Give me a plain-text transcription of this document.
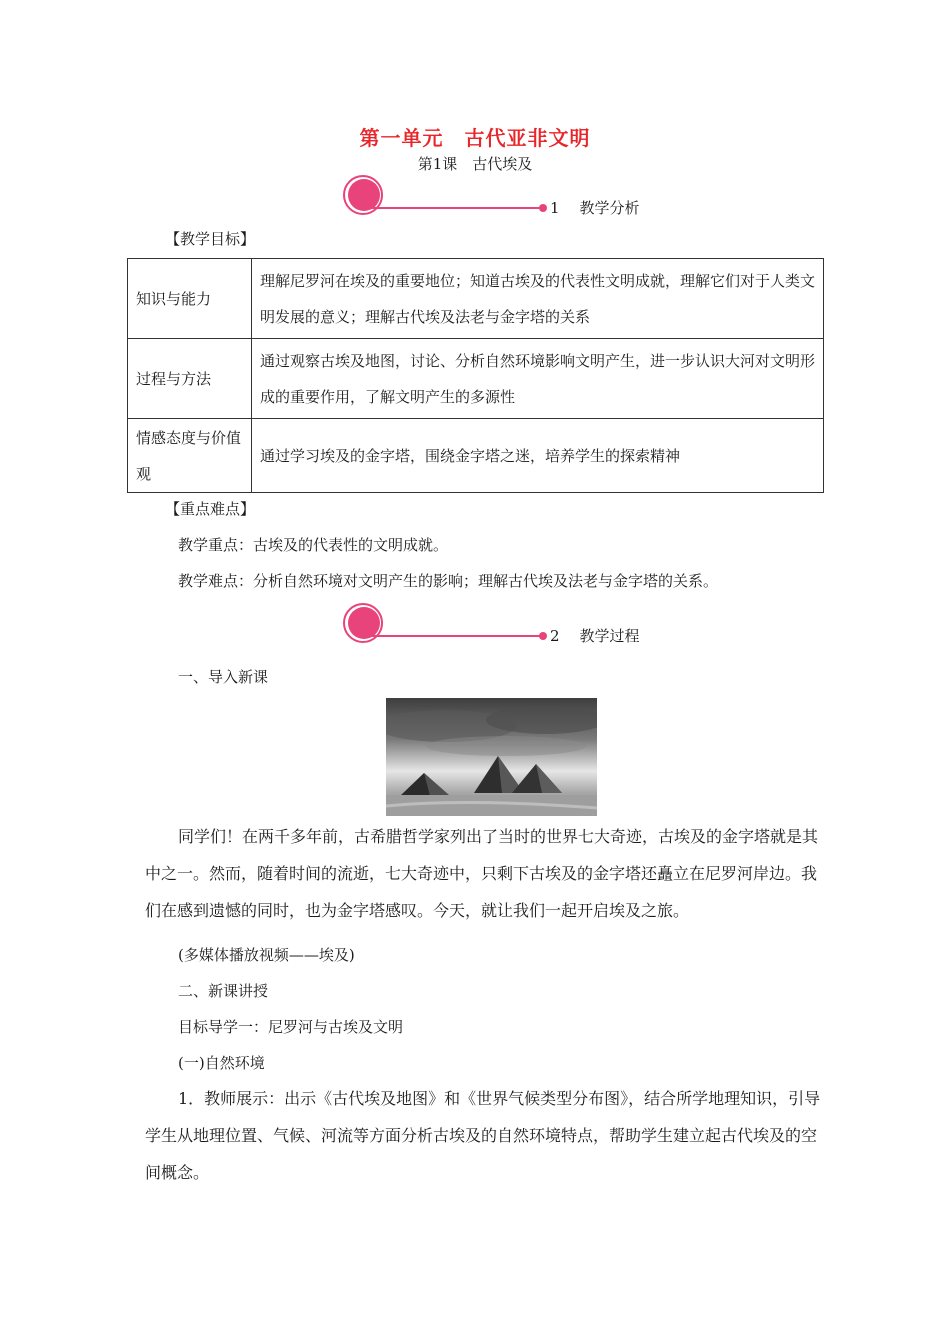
第一单元　古代亚非文明
第1课　古代埃及
1 教学分析
【教学目标】
知识与能力	理解尼罗河在埃及的重要地位；知道古埃及的代表性文明成就，理解它们对于人类文明发展的意义；理解古代埃及法老与金字塔的关系
过程与方法	通过观察古埃及地图，讨论、分析自然环境影响文明产生，进一步认识大河对文明形成的重要作用，了解文明产生的多源性
情感态度与价值观	通过学习埃及的金字塔，围绕金字塔之迷，培养学生的探索精神
【重点难点】
教学重点：古埃及的代表性的文明成就。
教学难点：分析自然环境对文明产生的影响；理解古代埃及法老与金字塔的关系。
2 教学过程
一、导入新课
同学们！在两千多年前，古希腊哲学家列出了当时的世界七大奇迹，古埃及的金字塔就是其中之一。然而，随着时间的流逝，七大奇迹中，只剩下古埃及的金字塔还矗立在尼罗河岸边。我们在感到遗憾的同时，也为金字塔感叹。今天，就让我们一起开启埃及之旅。
(多媒体播放视频——埃及)
二、新课讲授
目标导学一：尼罗河与古埃及文明
(一)自然环境
1．教师展示：出示《古代埃及地图》和《世界气候类型分布图》，结合所学地理知识，引导学生从地理位置、气候、河流等方面分析古埃及的自然环境特点，帮助学生建立起古代埃及的空间概念。
